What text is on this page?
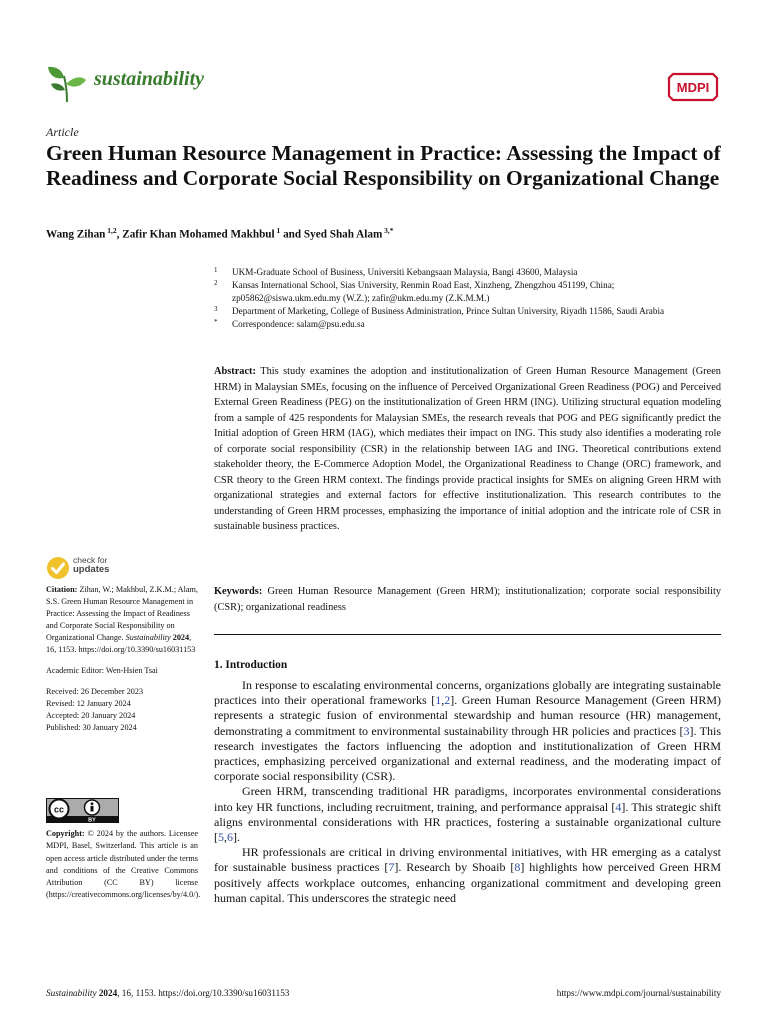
sustainability	MDPI
Article
Green Human Resource Management in Practice: Assessing the Impact of Readiness and Corporate Social Responsibility on Organizational Change
Wang Zihan $^{1,2}$, Zafir Khan Mohamed Makhbul $^1$ and Syed Shah Alam $^{3,*}$
1 UKM-Graduate School of Business, Universiti Kebangsaan Malaysia, Bangi 43600, Malaysia
2 Kansas International School, Sias University, Renmin Road East, Xinzheng, Zhengzhou 451199, China; zp05862@siswa.ukm.edu.my (W.Z.); zafir@ukm.edu.my (Z.K.M.M.)
3 Department of Marketing, College of Business Administration, Prince Sultan University, Riyadh 11586, Saudi Arabia
* Correspondence: salam@psu.edu.sa
Abstract: This study examines the adoption and institutionalization of Green Human Resource Management (Green HRM) in Malaysian SMEs, focusing on the influence of Perceived Organizational Green Readiness (POG) and Perceived External Green Readiness (PEG) on the institutionalization of Green HRM (ING). Utilizing structural equation modeling from a sample of 425 respondents for Malaysian SMEs, the research reveals that POG and PEG significantly predict the Initial adoption of Green HRM (IAG), which mediates their impact on ING. This study also identifies a moderating role of corporate social responsibility (CSR) in the relationship between IAG and ING. Theoretical contributions extend stakeholder theory, the E-Commerce Adoption Model, the Organizational Readiness to Change (ORC) framework, and CSR theory to the Green HRM context. The findings provide practical insights for SMEs on aligning Green HRM with organizational strategies and external factors for effective institutionalization. This research contributes to the understanding of Green HRM processes, emphasizing the importance of initial adoption and the intricate role of CSR in sustainable business practices.
Keywords: Green Human Resource Management (Green HRM); institutionalization; corporate social responsibility (CSR); organizational readiness
check for
updates

Citation: Zihan, W.; Makhbul, Z.K.M.; Alam, S.S. Green Human Resource Management in Practice: Assessing the Impact of Readiness and Corporate Social Responsibility on Organizational Change. Sustainability 2024, 16, 1153. https://doi.org/10.3390/su16031153

Academic Editor: Wen-Hsien Tsai

Received: 26 December 2023

Revised: 12 January 2024

Accepted: 20 January 2024

Published: 30 January 2024

cc
BY
Copyright: © 2024 by the authors. Licensee MDPI, Basel, Switzerland. This article is an open access article distributed under the terms and conditions of the Creative Commons Attribution (CC BY) license (https://creativecommons.org/licenses/by/4.0/).
1. Introduction

In response to escalating environmental concerns, organizations globally are integrating sustainable practices into their operational frameworks [1,2]. Green Human Resource Management (Green HRM) represents a strategic fusion of environmental stewardship and human resource (HR) management, demonstrating a commitment to environmental sustainability through HR policies and practices [3]. This research investigates the factors influencing the adoption and institutionalization of Green HRM practices, emphasizing perceived organizational and external readiness, and the moderating impact of corporate social responsibility (CSR).

Green HRM, transcending traditional HR paradigms, incorporates environmental considerations into key HR functions, including recruitment, training, and performance appraisal [4]. This strategic shift aligns environmental considerations with HR practices, fostering a sustainable organizational culture [5,6].

HR professionals are critical in driving environmental initiatives, with HR emerging as a catalyst for sustainable business practices [7]. Research by Shoaib [8] highlights how perceived Green HRM positively affects workplace outcomes, enhancing organizational commitment and developing green human capital. This underscores the strategic need

Sustainability 2024, 16, 1153. https://doi.org/10.3390/su16031153	https://www.mdpi.com/journal/sustainability
